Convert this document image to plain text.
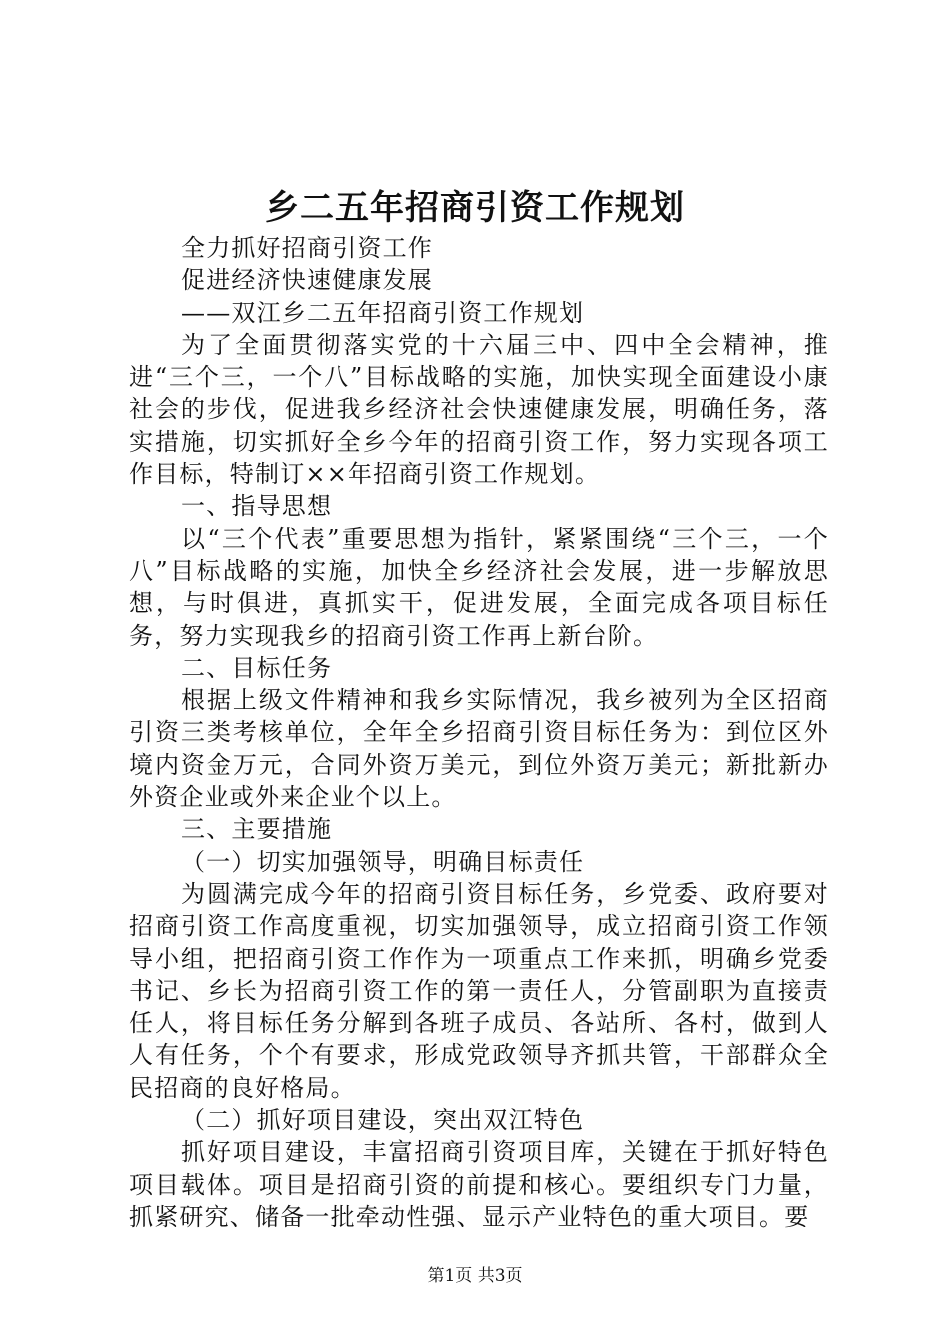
乡二五年招商引资工作规划

全力抓好招商引资工作

促进经济快速健康发展

——双江乡二五年招商引资工作规划

为了全面贯彻落实党的十六届三中、四中全会精神，推进“三个三，一个八”目标战略的实施，加快实现全面建设小康社会的步伐，促进我乡经济社会快速健康发展，明确任务，落实措施，切实抓好全乡今年的招商引资工作，努力实现各项工作目标，特制订××年招商引资工作规划。

一、指导思想

以“三个代表”重要思想为指针，紧紧围绕“三个三，一个八”目标战略的实施，加快全乡经济社会发展，进一步解放思想，与时俱进，真抓实干，促进发展，全面完成各项目标任务，努力实现我乡的招商引资工作再上新台阶。

二、目标任务

根据上级文件精神和我乡实际情况，我乡被列为全区招商引资三类考核单位，全年全乡招商引资目标任务为：到位区外境内资金万元，合同外资万美元，到位外资万美元；新批新办外资企业或外来企业个以上。

三、主要措施

（一）切实加强领导，明确目标责任

为圆满完成今年的招商引资目标任务，乡党委、政府要对招商引资工作高度重视，切实加强领导，成立招商引资工作领导小组，把招商引资工作作为一项重点工作来抓，明确乡党委书记、乡长为招商引资工作的第一责任人，分管副职为直接责任人，将目标任务分解到各班子成员、各站所、各村，做到人人有任务，个个有要求，形成党政领导齐抓共管，干部群众全民招商的良好格局。

（二）抓好项目建设，突出双江特色

抓好项目建设，丰富招商引资项目库，关键在于抓好特色项目载体。项目是招商引资的前提和核心。要组织专门力量，抓紧研究、储备一批牵动性强、显示产业特色的重大项目。要

第1页 共3页
